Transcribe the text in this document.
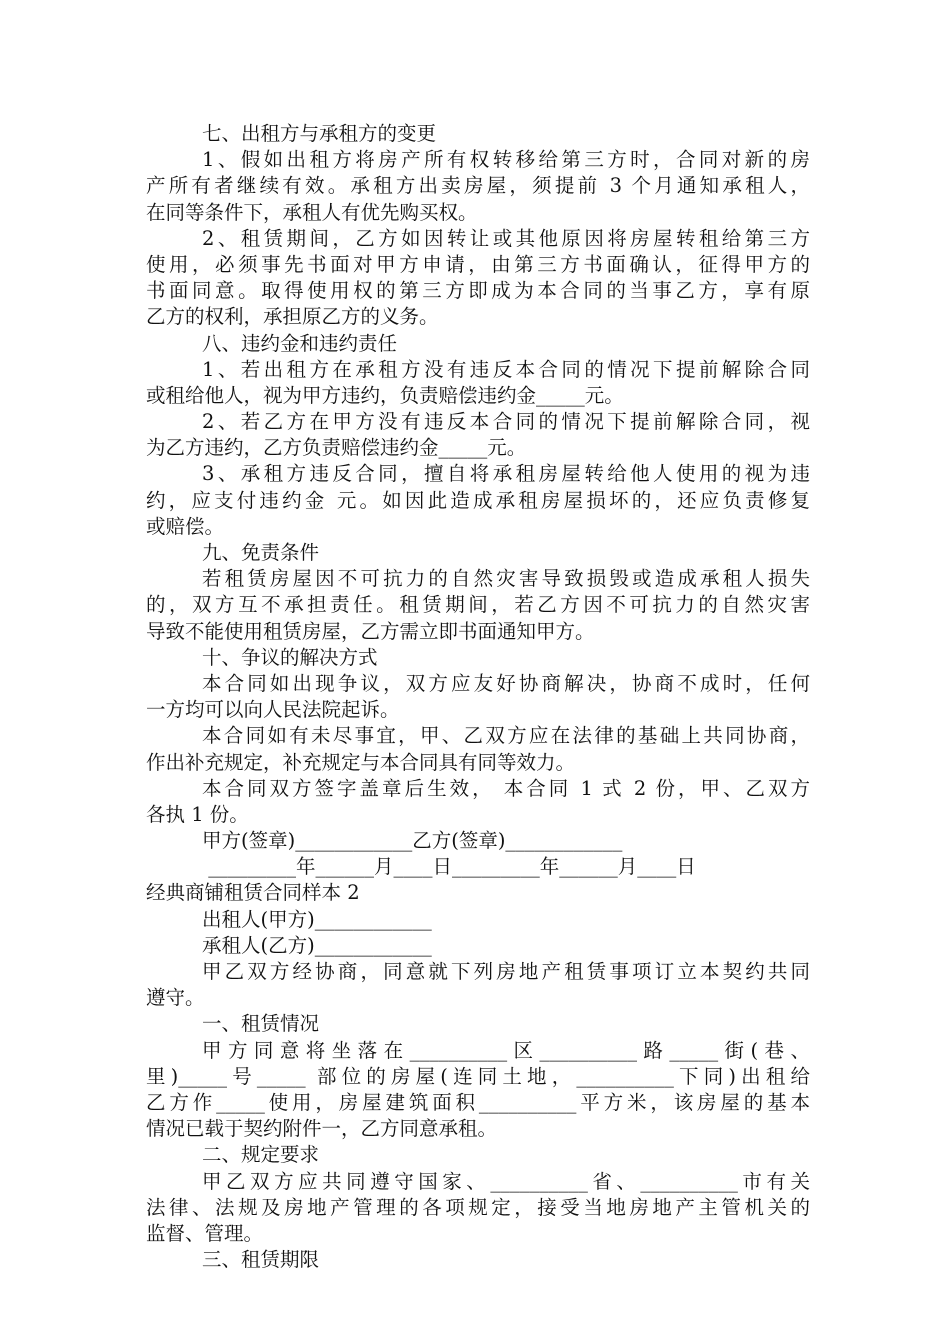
七、出租方与承租方的变更
1、假如出租方将房产所有权转移给第三方时，合同对新的房
产所有者继续有效。承租方出卖房屋，须提前 3 个月通知承租人，
在同等条件下，承租人有优先购买权。
2、租赁期间，乙方如因转让或其他原因将房屋转租给第三方
使用，必须事先书面对甲方申请，由第三方书面确认，征得甲方的
书面同意。取得使用权的第三方即成为本合同的当事乙方，享有原
乙方的权利，承担原乙方的义务。
八、违约金和违约责任
1、若出租方在承租方没有违反本合同的情况下提前解除合同
或租给他人，视为甲方违约，负责赔偿违约金_____元。
2、若乙方在甲方没有违反本合同的情况下提前解除合同，视
为乙方违约，乙方负责赔偿违约金_____元。
3、承租方违反合同，擅自将承租房屋转给他人使用的视为违
约，应支付违约金 元。如因此造成承租房屋损坏的，还应负责修复
或赔偿。
九、免责条件
若租赁房屋因不可抗力的自然灾害导致损毁或造成承租人损失
的，双方互不承担责任。租赁期间，若乙方因不可抗力的自然灾害
导致不能使用租赁房屋，乙方需立即书面通知甲方。
十、争议的解决方式
本合同如出现争议，双方应友好协商解决，协商不成时，任何
一方均可以向人民法院起诉。
本合同如有未尽事宜，甲、乙双方应在法律的基础上共同协商，
作出补充规定，补充规定与本合同具有同等效力。
本合同双方签字盖章后生效， 本合同 1 式 2 份，甲、乙双方
各执 1 份。
甲方(签章)____________乙方(签章)____________
_________年______月____日_________年______月____日
经典商铺租赁合同样本 2
出租人(甲方)____________
承租人(乙方)____________
甲乙双方经协商，同意就下列房地产租赁事项订立本契约共同
遵守。
一、租赁情况
甲方同意将坐落在__________区__________路_____街(巷、
里)_____号_____ 部位的房屋(连同土地，__________下同)出租给
乙方作_____使用，房屋建筑面积__________平方米，该房屋的基本
情况已载于契约附件一，乙方同意承租。
二、规定要求
甲乙双方应共同遵守国家、__________省、__________市有关
法律、法规及房地产管理的各项规定，接受当地房地产主管机关的
监督、管理。
三、租赁期限
